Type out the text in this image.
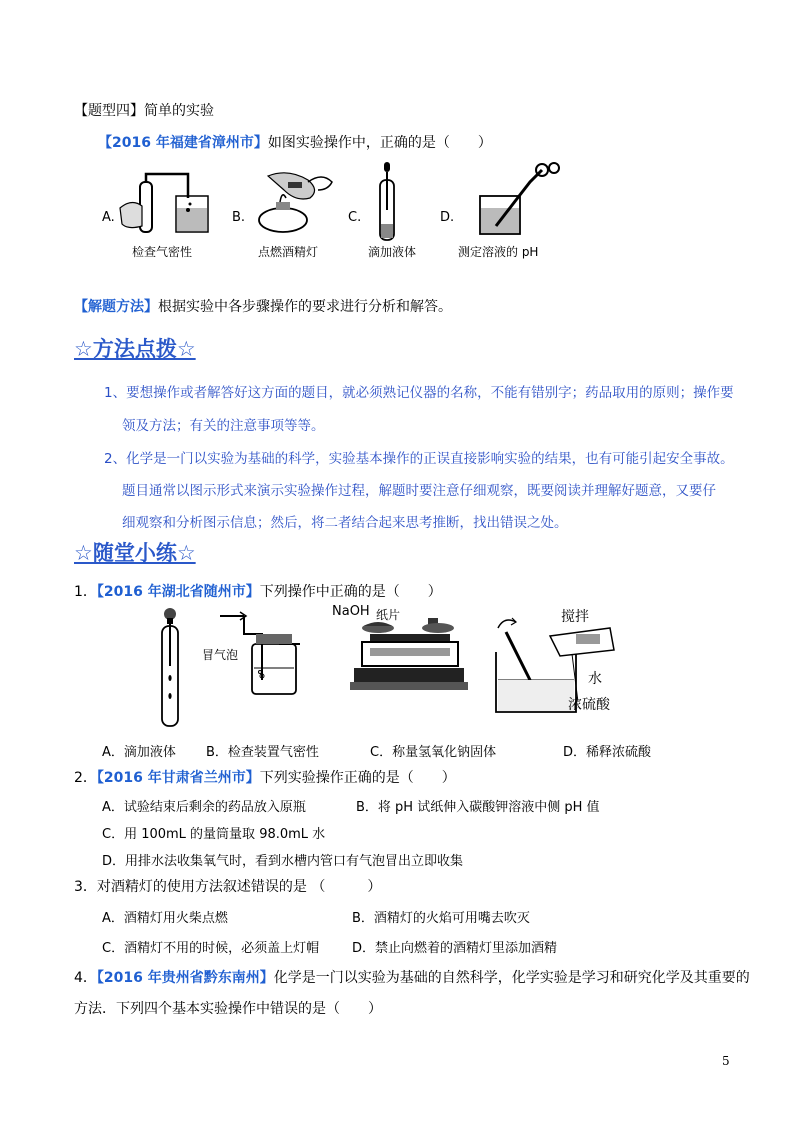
【题型四】简单的实验
【2016 年福建省漳州市】如图实验操作中，正确的是（　　）
A.	B.	C.	D.
检查气密性	点燃酒精灯	滴加液体	测定溶液的 pH
【解题方法】根据实验中各步骤操作的要求进行分析和解答。
☆方法点拨☆
1、要想操作或者解答好这方面的题目，就必须熟记仪器的名称，不能有错别字；药品取用的原则；操作要
领及方法；有关的注意事项等等。
2、化学是一门以实验为基础的科学，实验基本操作的正误直接影响实验的结果，也有可能引起安全事故。
题目通常以图示形式来演示实验操作过程，解题时要注意仔细观察，既要阅读并理解好题意，又要仔
细观察和分析图示信息；然后，将二者结合起来思考推断，找出错误之处。
☆随堂小练☆
1．【2016 年湖北省随州市】下列操作中正确的是（　　）
冒气泡
NaOH 纸片	搅拌
水
浓硫酸
A．滴加液体 B．检查装置气密性	C．称量氢氧化钠固体	D．稀释浓硫酸
2．【2016 年甘肃省兰州市】下列实验操作正确的是（　　）
A．试验结束后剩余的药品放入原瓶	B．将 pH 试纸伸入碳酸钾溶液中侧 pH 值
C．用 100mL 的量筒量取 98.0mL 水
D．用排水法收集氧气时，看到水槽内管口有气泡冒出立即收集
3．对酒精灯的使用方法叙述错误的是 （　　　）
A．酒精灯用火柴点燃	B．酒精灯的火焰可用嘴去吹灭
C．酒精灯不用的时候，必须盖上灯帽	D．禁止向燃着的酒精灯里添加酒精
4．【2016 年贵州省黔东南州】化学是一门以实验为基础的自然科学，化学实验是学习和研究化学及其重要的
方法．下列四个基本实验操作中错误的是（　　）
5
